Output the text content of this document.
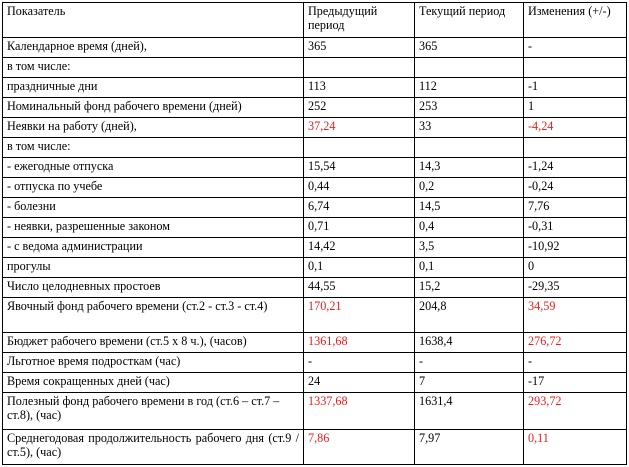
Показатель	Предыдущий период	Текущий период	Изменения (+/-)
Календарное время (дней),	365	365	-
в том числе:			
праздничные дни	113	112	-1
Номинальный фонд рабочего времени (дней)	252	253	1
Неявки на работу (дней),	37,24	33	-4,24
в том числе:			
- ежегодные отпуска	15,54	14,3	-1,24
- отпуска по учебе	0,44	0,2	-0,24
- болезни	6,74	14,5	7,76
- неявки, разрешенные законом	0,71	0,4	-0,31
- с ведома администрации	14,42	3,5	-10,92
прогулы	0,1	0,1	0
Число целодневных простоев	44,55	15,2	-29,35
Явочный фонд рабочего времени (ст.2 - ст.3 - ст.4)	170,21	204,8	34,59
Бюджет рабочего времени (ст.5 х 8 ч.), (часов)	1361,68	1638,4	276,72
Льготное время подросткам (час)	-	-	-
Время сокращенных дней (час)	24	7	-17
Полезный фонд рабочего времени в год (ст.6 – ст.7 – ст.8), (час)	1337,68	1631,4	293,72
Среднегодовая продолжительность рабочего дня (ст.9 / ст.5), (час)	7,86	7,97	0,11
